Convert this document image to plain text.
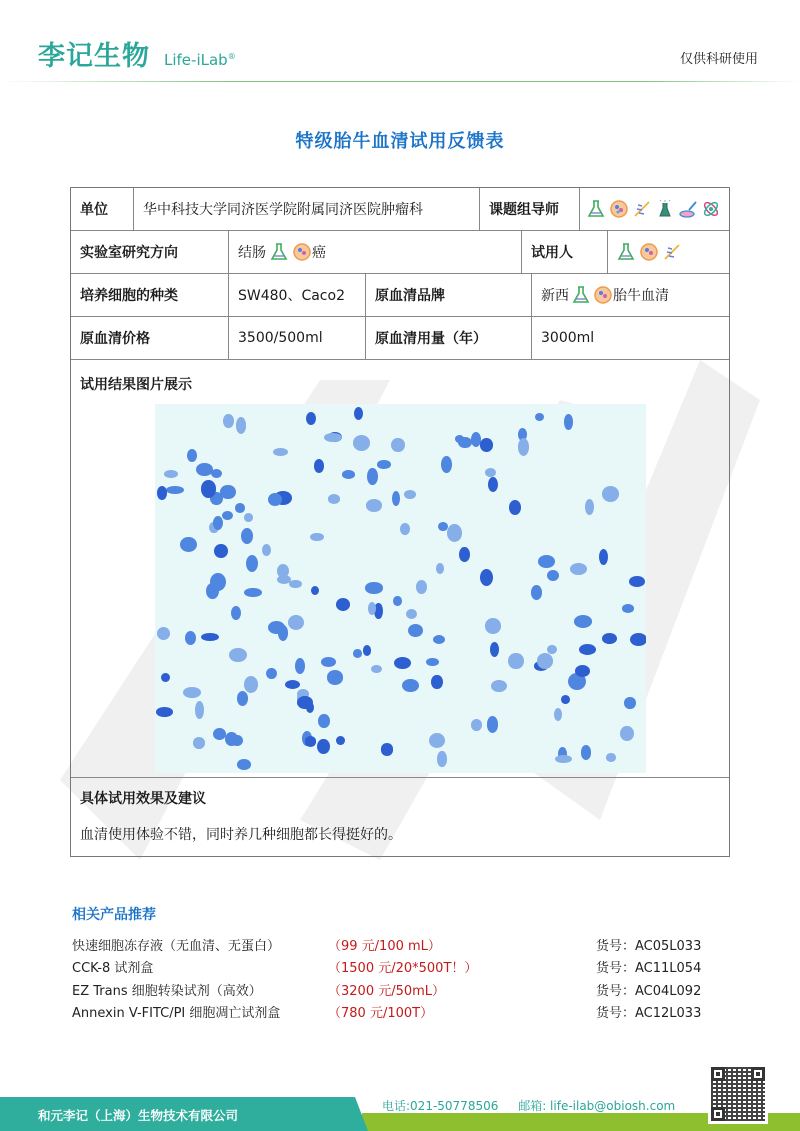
李记生物 Life-iLab®	仅供科研使用
特级胎牛血清试用反馈表
单位	华中科技大学同济医学院附属同济医院肿瘤科	课题组导师
实验室研究方向	结肠	癌	试用人
培养细胞的种类	SW480、Caco2	原血清品牌	新西	胎牛血清
原血清价格	3500/500ml	原血清用量（年）	3000ml
试用结果图片展示
具体试用效果及建议
血清使用体验不错，同时养几种细胞都长得挺好的。
相关产品推荐
快速细胞冻存液（无血清、无蛋白）	（99 元/100 mL）	货号：AC05L033
CCK-8 试剂盒	（1500 元/20*500T！）	货号：AC11L054
EZ Trans 细胞转染试剂（高效）	（3200 元/50mL）	货号：AC04L092
Annexin V-FITC/PI 细胞凋亡试剂盒	（780 元/100T）	货号：AC12L033
和元李记（上海）生物技术有限公司
电话:021-50778506 邮箱: life-ilab@obiosh.com
